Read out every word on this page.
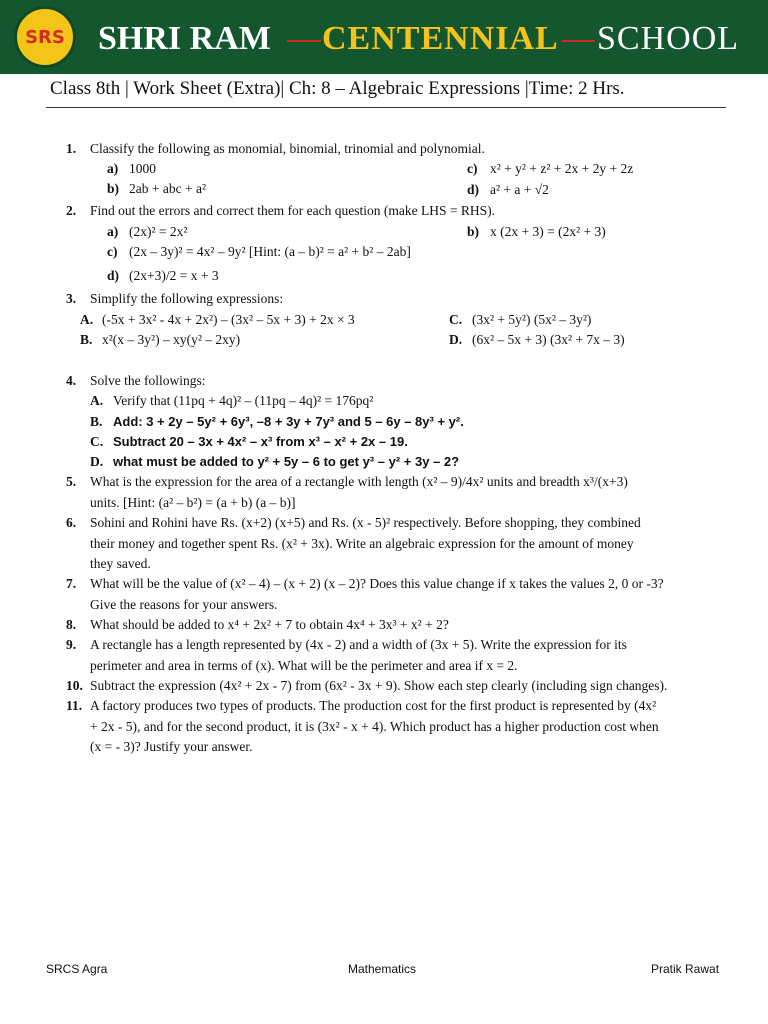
SRS SHRI RAM CENTENNIAL SCHOOL
Class 8th | Work Sheet (Extra)| Ch: 8 – Algebraic Expressions |Time: 2 Hrs.
1. Classify the following as monomial, binomial, trinomial and polynomial.
a) 1000	c) x² + y² + z² + 2x + 2y + 2z
b) 2ab + abc + a²	d) a² + a + √2
2. Find out the errors and correct them for each question (make LHS = RHS).
a) (2x)² = 2x²	b) x (2x + 3) = (2x² + 3)
c) (2x – 3y)² = 4x² – 9y² [Hint: (a – b)² = a² + b² – 2ab]
d) (2x+3)/2 = x + 3
3. Simplify the following expressions:
A. (-5x + 3x² - 4x + 2x²) – (3x² – 5x + 3) + 2x × 3	C. (3x² + 5y²) (5x² – 3y²)
B. x²(x – 3y²) – xy(y² – 2xy)	D. (6x² – 5x + 3) (3x² + 7x – 3)
4. Solve the followings:
A. Verify that (11pq + 4q)² – (11pq – 4q)² = 176pq²
B. Add: 3 + 2y – 5y² + 6y³, –8 + 3y + 7y³ and 5 – 6y – 8y³ + y².
C. Subtract 20 – 3x + 4x² – x³ from x³ – x² + 2x – 19.
D. what must be added to y² + 5y – 6 to get y³ – y² + 3y – 2?
5. What is the expression for the area of a rectangle with length (x² – 9)/4x² units and breadth x³/(x+3)
units. [Hint: (a² – b²) = (a + b) (a – b)]
6. Sohini and Rohini have Rs. (x+2) (x+5) and Rs. (x - 5)² respectively. Before shopping, they combined
their money and together spent Rs. (x² + 3x). Write an algebraic expression for the amount of money
they saved.
7. What will be the value of (x² – 4) – (x + 2) (x – 2)? Does this value change if x takes the values 2, 0 or -3?
Give the reasons for your answers.
8. What should be added to x⁴ + 2x² + 7 to obtain 4x⁴ + 3x³ + x² + 2?
9. A rectangle has a length represented by (4x - 2) and a width of (3x + 5). Write the expression for its
perimeter and area in terms of (x). What will be the perimeter and area if x = 2.
10. Subtract the expression (4x² + 2x - 7) from (6x² - 3x + 9). Show each step clearly (including sign changes).
11. A factory produces two types of products. The production cost for the first product is represented by (4x²
+ 2x - 5), and for the second product, it is (3x² - x + 4). Which product has a higher production cost when
(x = - 3)? Justify your answer.
SRCS Agra	Mathematics	Pratik Rawat
